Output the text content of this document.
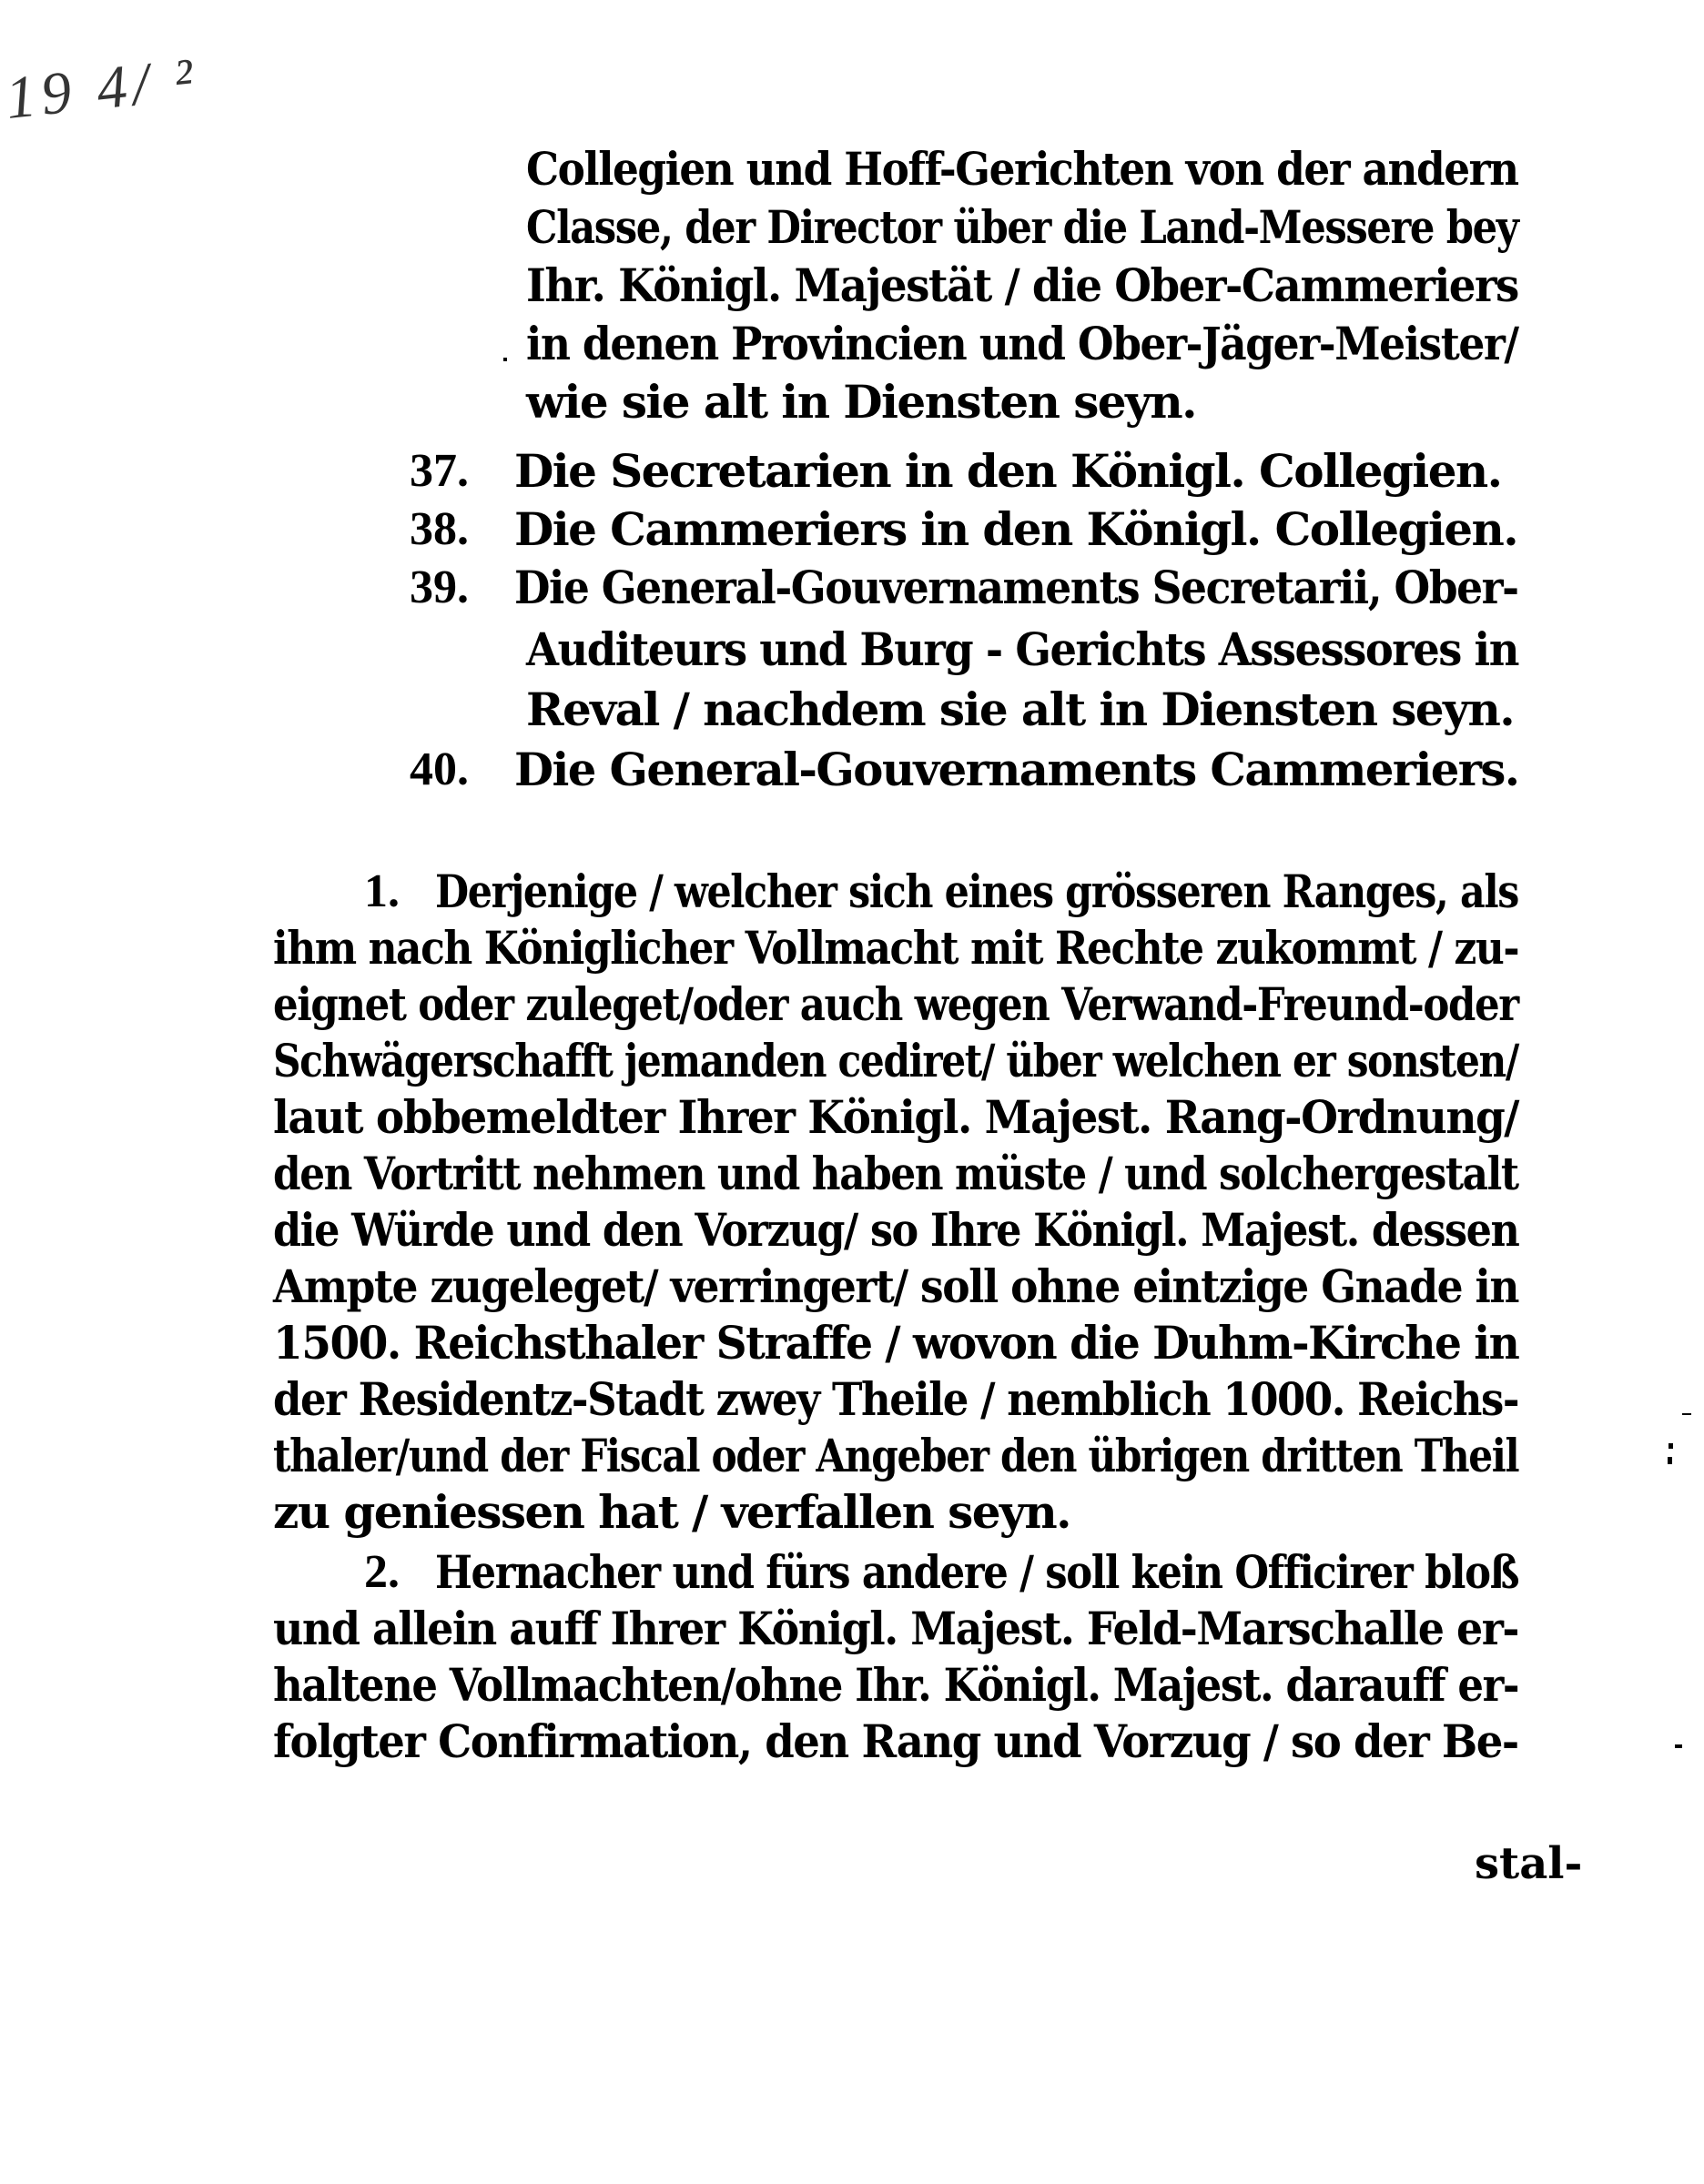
19 4/ ²
Collegien und Hoff-Gerichten von der andern
Classe, der Director über die Land-Messere bey
Ihr. Königl. Majestät / die Ober-Cammeriers
in denen Provincien und Ober-Jäger-Meister/
wie sie alt in Diensten seyn.
37. Die Secretarien in den Königl. Collegien.
38. Die Cammeriers in den Königl. Collegien.
39. Die General-Gouvernaments Secretarii, Ober-
Auditeurs und Burg - Gerichts Assessores in
Reval / nachdem sie alt in Diensten seyn.
40. Die General-Gouvernaments Cammeriers.
1. Derjenige / welcher sich eines grösseren Ranges, als
ihm nach Königlicher Vollmacht mit Rechte zukommt / zu-
eignet oder zuleget/oder auch wegen Verwand-Freund-oder
Schwägerschafft jemanden cediret/ über welchen er sonsten/
laut obbemeldter Ihrer Königl. Majest. Rang-Ordnung/
den Vortritt nehmen und haben müste / und solchergestalt
die Würde und den Vorzug/ so Ihre Königl. Majest. dessen
Ampte zugeleget/ verringert/ soll ohne eintzige Gnade in
1500. Reichsthaler Straffe / wovon die Duhm-Kirche in
der Residentz-Stadt zwey Theile / nemblich 1000. Reichs-
thaler/und der Fiscal oder Angeber den übrigen dritten Theil
zu geniessen hat / verfallen seyn.
2. Hernacher und fürs andere / soll kein Officirer bloß
und allein auff Ihrer Königl. Majest. Feld-Marschalle er-
haltene Vollmachten/ohne Ihr. Königl. Majest. darauff er-
folgter Confirmation, den Rang und Vorzug / so der Be-
stal-
